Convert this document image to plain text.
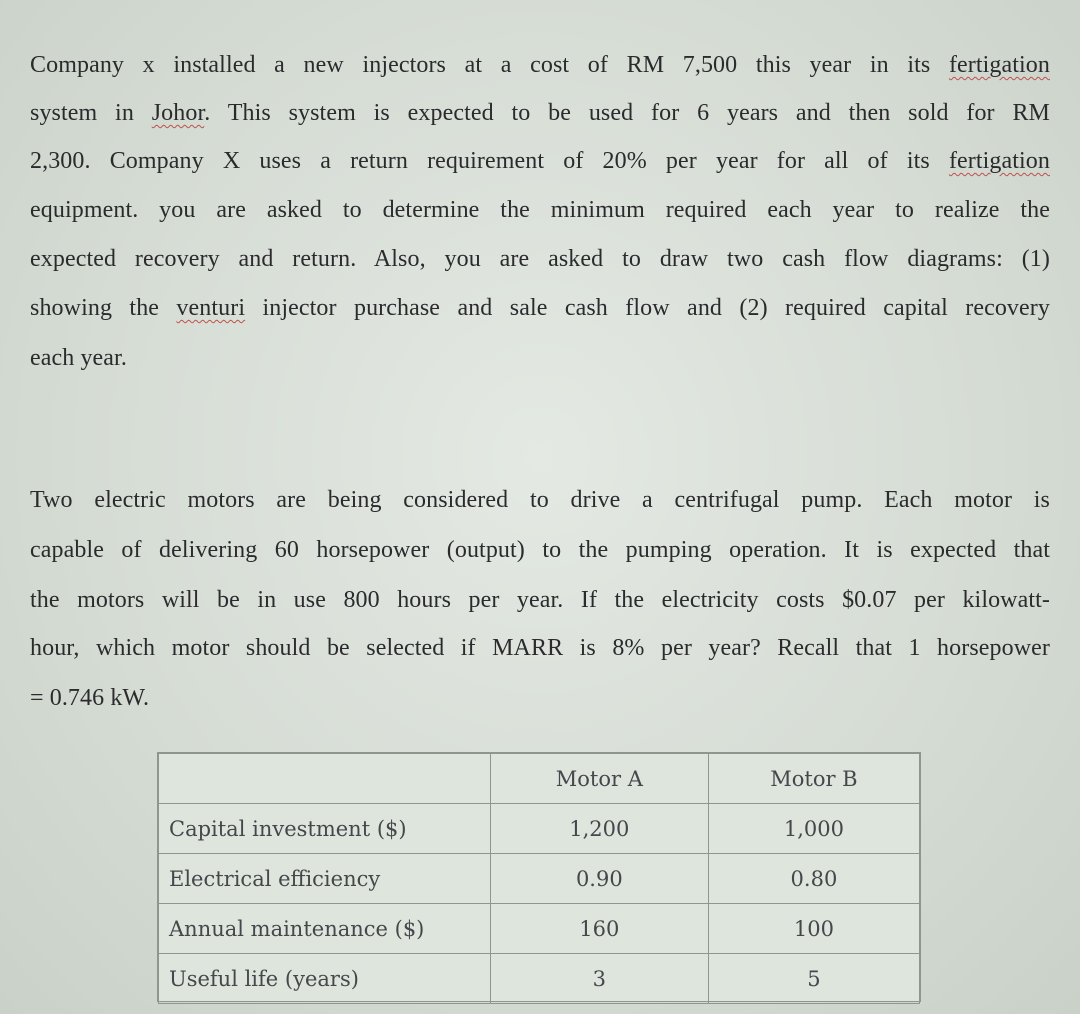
Company x installed a new injectors at a cost of RM 7,500 this year in its fertigation
system in Johor. This system is expected to be used for 6 years and then sold for RM
2,300. Company X uses a return requirement of 20% per year for all of its fertigation
equipment. you are asked to determine the minimum required each year to realize the
expected recovery and return. Also, you are asked to draw two cash flow diagrams: (1)
showing the venturi injector purchase and sale cash flow and (2) required capital recovery
each year.
Two electric motors are being considered to drive a centrifugal pump. Each motor is
capable of delivering 60 horsepower (output) to the pumping operation. It is expected that
the motors will be in use 800 hours per year. If the electricity costs $0.07 per kilowatt-
hour, which motor should be selected if MARR is 8% per year? Recall that 1 horsepower
= 0.746 kW.
	Motor A	Motor B
Capital investment ($)	1,200	1,000
Electrical efficiency	0.90	0.80
Annual maintenance ($)	160	100
Useful life (years)	3	5
